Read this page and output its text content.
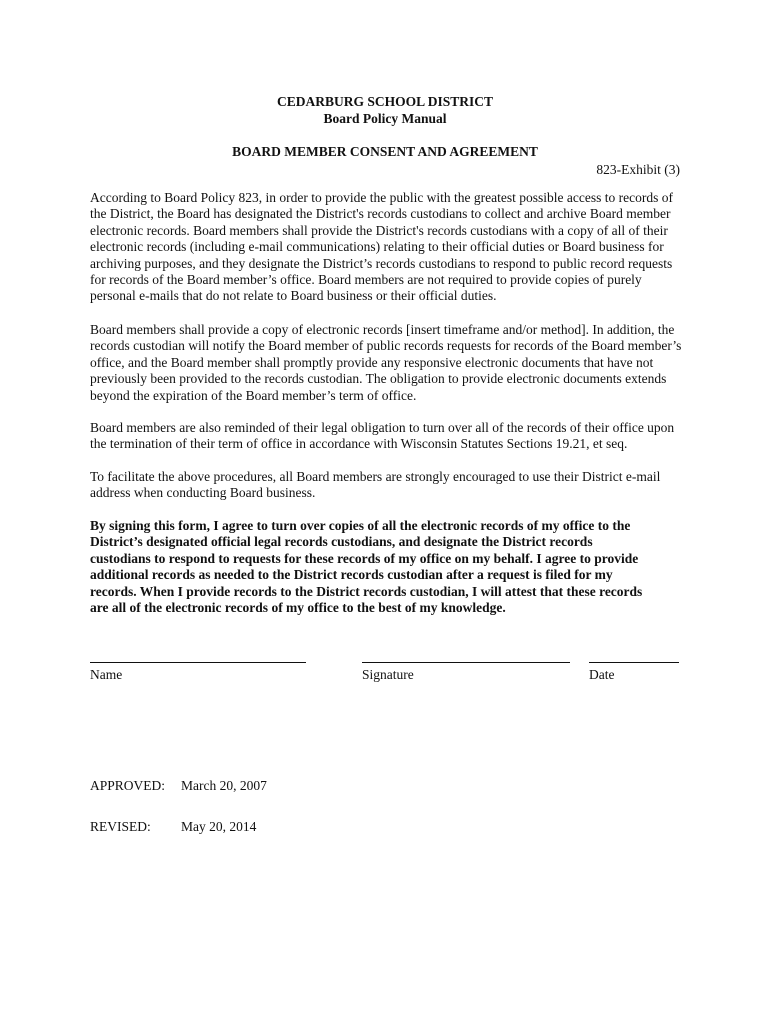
CEDARBURG SCHOOL DISTRICT
Board Policy Manual
BOARD MEMBER CONSENT AND AGREEMENT
823-Exhibit (3)

According to Board Policy 823, in order to provide the public with the greatest possible access to records of the District, the Board has designated the District's records custodians to collect and archive Board member electronic records. Board members shall provide the District's records custodians with a copy of all of their electronic records (including e-mail communications) relating to their official duties or Board business for archiving purposes, and they designate the District’s records custodians to respond to public record requests for records of the Board member’s office. Board members are not required to provide copies of purely personal e-mails that do not relate to Board business or their official duties.

Board members shall provide a copy of electronic records [insert timeframe and/or method]. In addition, the records custodian will notify the Board member of public records requests for records of the Board member’s office, and the Board member shall promptly provide any responsive electronic documents that have not previously been provided to the records custodian. The obligation to provide electronic documents extends beyond the expiration of the Board member’s term of office.

Board members are also reminded of their legal obligation to turn over all of the records of their office upon the termination of their term of office in accordance with Wisconsin Statutes Sections 19.21, et seq.

To facilitate the above procedures, all Board members are strongly encouraged to use their District e-mail address when conducting Board business.

By signing this form, I agree to turn over copies of all the electronic records of my office to the District’s designated official legal records custodians, and designate the District records custodians to respond to requests for these records of my office on my behalf. I agree to provide additional records as needed to the District records custodian after a request is filed for my records. When I provide records to the District records custodian, I will attest that these records are all of the electronic records of my office to the best of my knowledge.

Name	Signature	Date
APPROVED: March 20, 2007
REVISED: May 20, 2014
